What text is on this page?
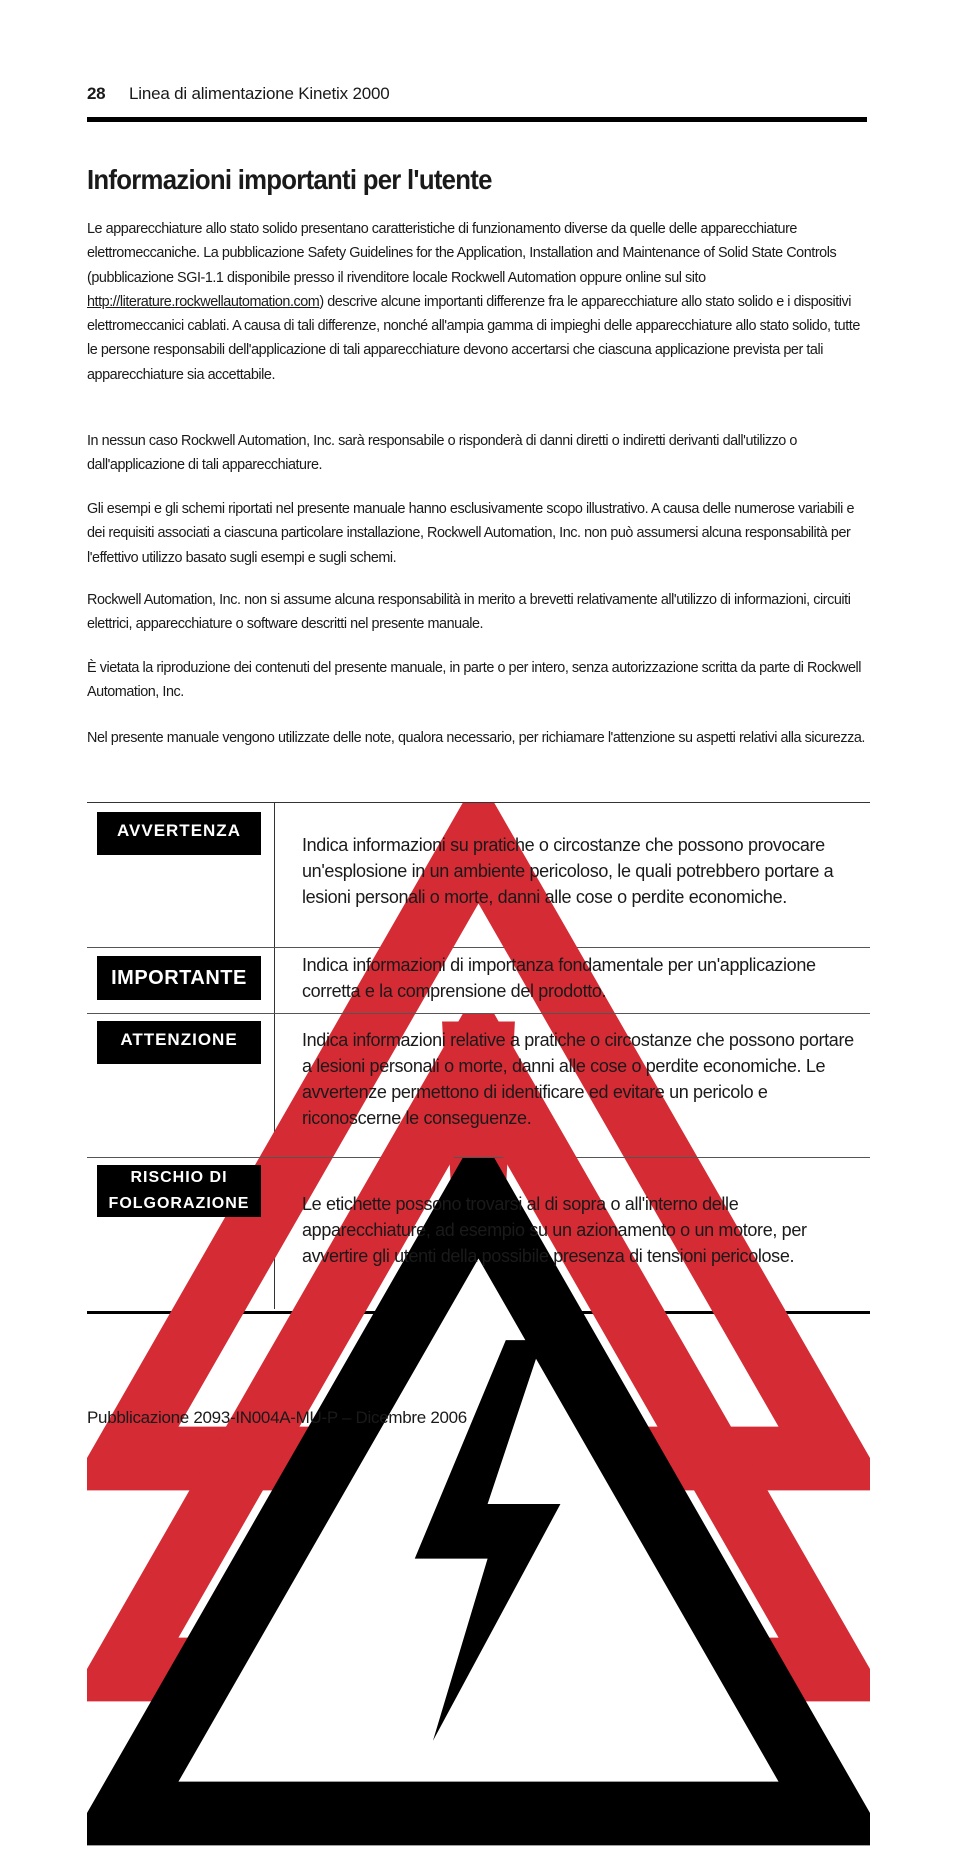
28 Linea di alimentazione Kinetix 2000
Informazioni importanti per l'utente

Le apparecchiature allo stato solido presentano caratteristiche di funzionamento diverse da quelle delle apparecchiature elettromeccaniche. La pubblicazione Safety Guidelines for the Application, Installation and Maintenance of Solid State Controls (pubblicazione SGI-1.1 disponibile presso il rivenditore locale Rockwell Automation oppure online sul sito http://literature.rockwellautomation.com) descrive alcune importanti differenze fra le apparecchiature allo stato solido e i dispositivi elettromeccanici cablati. A causa di tali differenze, nonché all'ampia gamma di impieghi delle apparecchiature allo stato solido, tutte le persone responsabili dell'applicazione di tali apparecchiature devono accertarsi che ciascuna applicazione prevista per tali apparecchiature sia accettabile.

In nessun caso Rockwell Automation, Inc. sarà responsabile o risponderà di danni diretti o indiretti derivanti dall'utilizzo o dall'applicazione di tali apparecchiature.

Gli esempi e gli schemi riportati nel presente manuale hanno esclusivamente scopo illustrativo. A causa delle numerose variabili e dei requisiti associati a ciascuna particolare installazione, Rockwell Automation, Inc. non può assumersi alcuna responsabilità per l'effettivo utilizzo basato sugli esempi e sugli schemi.

Rockwell Automation, Inc. non si assume alcuna responsabilità in merito a brevetti relativamente all'utilizzo di informazioni, circuiti elettrici, apparecchiature o software descritti nel presente manuale.

È vietata la riproduzione dei contenuti del presente manuale, in parte o per intero, senza autorizzazione scritta da parte di Rockwell Automation, Inc.

Nel presente manuale vengono utilizzate delle note, qualora necessario, per richiamare l'attenzione su aspetti relativi alla sicurezza.

AVVERTENZA

Indica informazioni su pratiche o circostanze che possono provocare un'esplosione in un ambiente pericoloso, le quali potrebbero portare a lesioni personali o morte, danni alle cose o perdite economiche.

IMPORTANTE

Indica informazioni di importanza fondamentale per un'applicazione corretta e la comprensione del prodotto.

ATTENZIONE	Indica informazioni relative a pratiche o circostanze che possono portare a lesioni personali o morte, danni alle cose o perdite economiche. Le avvertenze permettono di identificare ed evitare un pericolo e riconoscerne le conseguenze.

RISCHIO DI
FOLGORAZIONE	Le etichette possono trovarsi al di sopra o all'interno delle apparecchiature, ad esempio su un azionamento o un motore, per avvertire gli utenti della possibile presenza di tensioni pericolose.

Pubblicazione 2093-IN004A-MU-P – Dicembre 2006
